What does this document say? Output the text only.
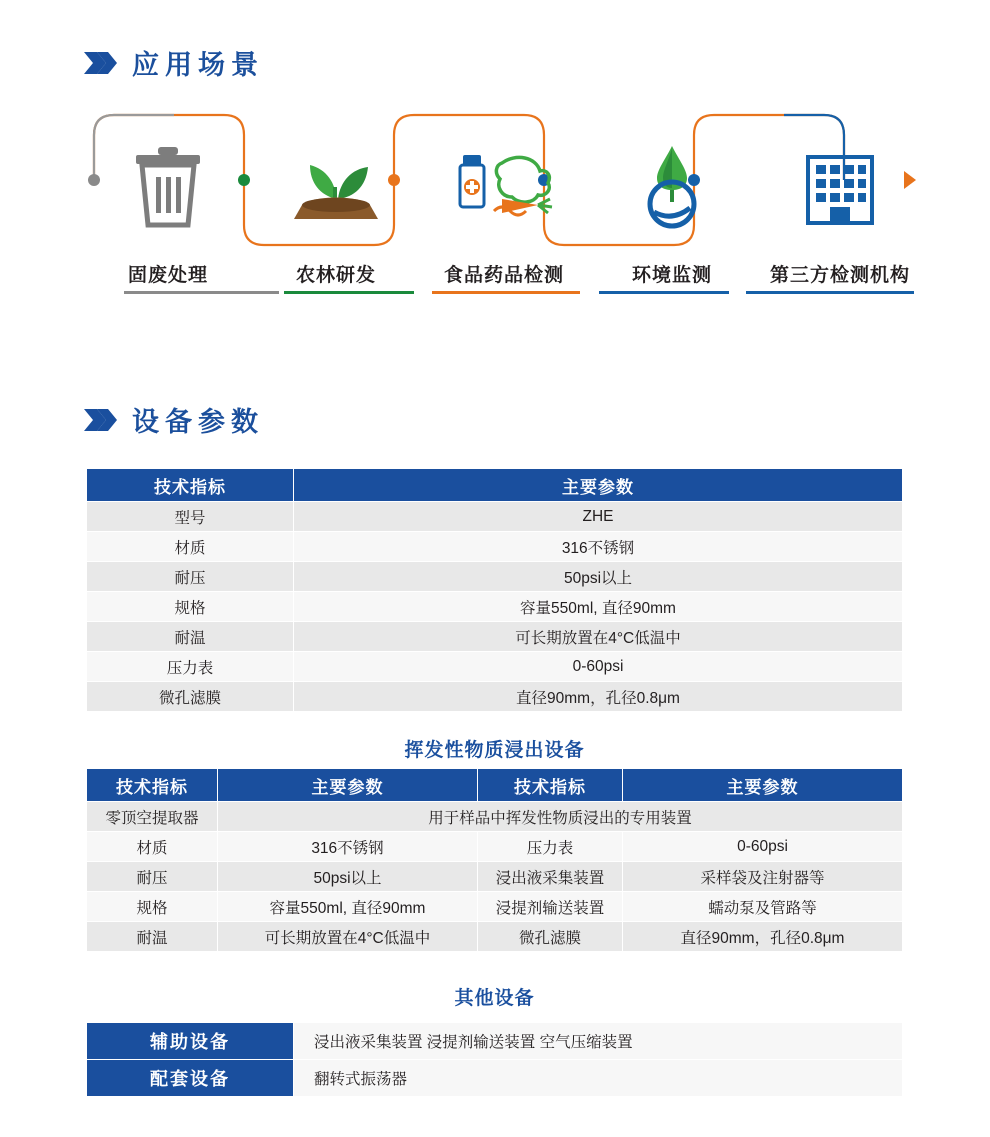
应用场景
固废处理	农林研发	食品药品检测	环境监测	第三方检测机构
设备参数
技术指标	主要参数
型号	ZHE
材质	316不锈钢
耐压	50psi以上
规格	容量550ml, 直径90mm
耐温	可长期放置在4°C低温中
压力表	0-60psi
微孔滤膜	直径90mm，孔径0.8μm
挥发性物质浸出设备
技术指标	主要参数	技术指标	主要参数
零顶空提取器	用于样品中挥发性物质浸出的专用装置		
材质	316不锈钢	压力表	0-60psi
耐压	50psi以上	浸出液采集装置	采样袋及注射器等
规格	容量550ml, 直径90mm	浸提剂输送装置	蠕动泵及管路等
耐温	可长期放置在4°C低温中	微孔滤膜	直径90mm，孔径0.8μm
其他设备
辅助设备	浸出液采集装置 浸提剂输送装置 空气压缩装置
配套设备	翻转式振荡器
